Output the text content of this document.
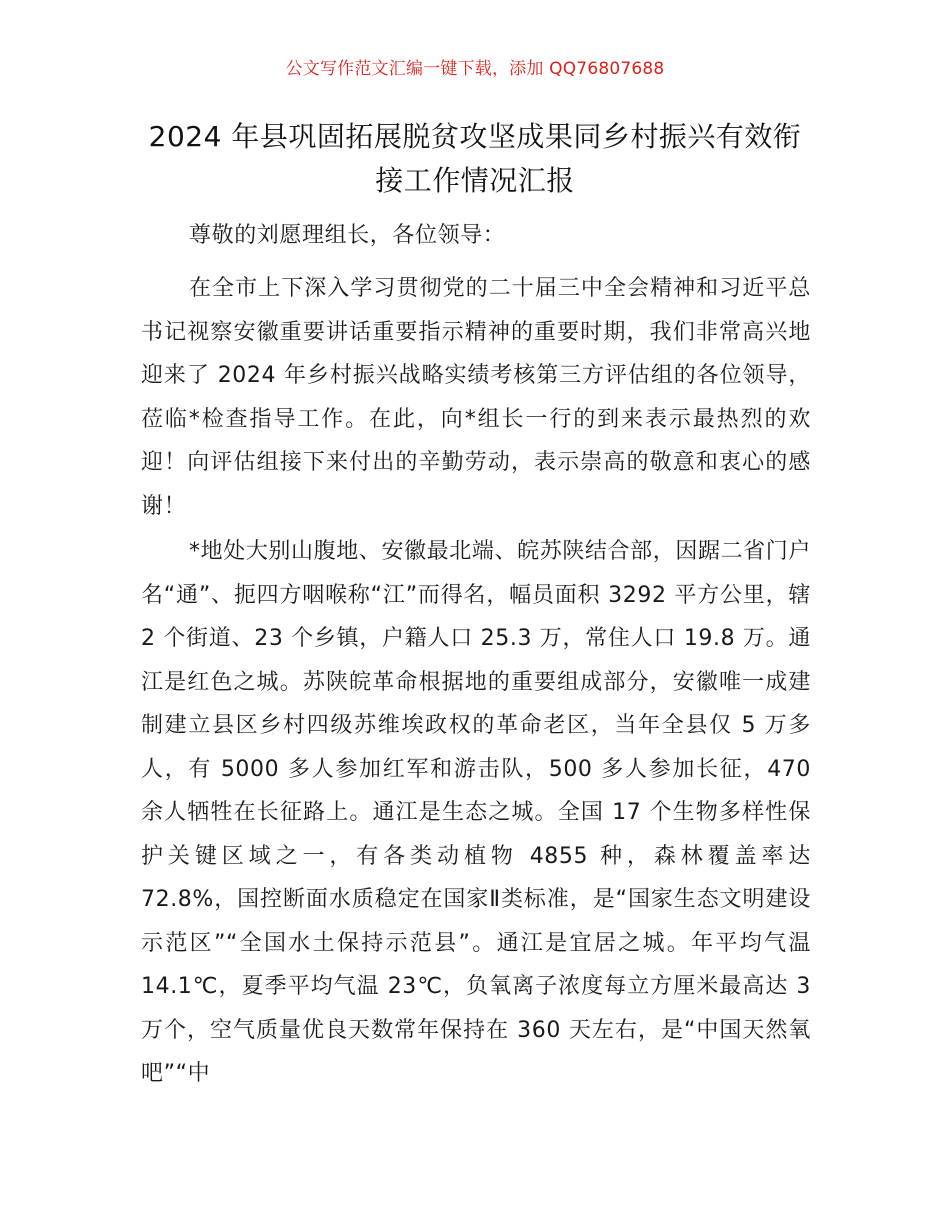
公文写作范文汇编一键下载，添加 QQ76807688
2024 年县巩固拓展脱贫攻坚成果同乡村振兴有效衔接工作情况汇报
尊敬的刘愿理组长，各位领导：
在全市上下深入学习贯彻党的二十届三中全会精神和习近平总书记视察安徽重要讲话重要指示精神的重要时期，我们非常高兴地迎来了 2024 年乡村振兴战略实绩考核第三方评估组的各位领导，莅临*检查指导工作。在此，向*组长一行的到来表示最热烈的欢迎！向评估组接下来付出的辛勤劳动，表示崇高的敬意和衷心的感谢！
*地处大别山腹地、安徽最北端、皖苏陕结合部，因踞二省门户名“通”、扼四方咽喉称“江”而得名，幅员面积 3292 平方公里，辖 2 个街道、23 个乡镇，户籍人口 25.3 万，常住人口 19.8 万。通江是红色之城。苏陕皖革命根据地的重要组成部分，安徽唯一成建制建立县区乡村四级苏维埃政权的革命老区，当年全县仅 5 万多人，有 5000 多人参加红军和游击队，500 多人参加长征，470 余人牺牲在长征路上。通江是生态之城。全国 17 个生物多样性保护关键区域之一，有各类动植物 4855 种，森林覆盖率达 72.8%，国控断面水质稳定在国家Ⅱ类标准，是“国家生态文明建设示范区”“全国水土保持示范县”。通江是宜居之城。年平均气温 14.1℃，夏季平均气温 23℃，负氧离子浓度每立方厘米最高达 3 万个，空气质量优良天数常年保持在 360 天左右，是“中国天然氧吧”“中
